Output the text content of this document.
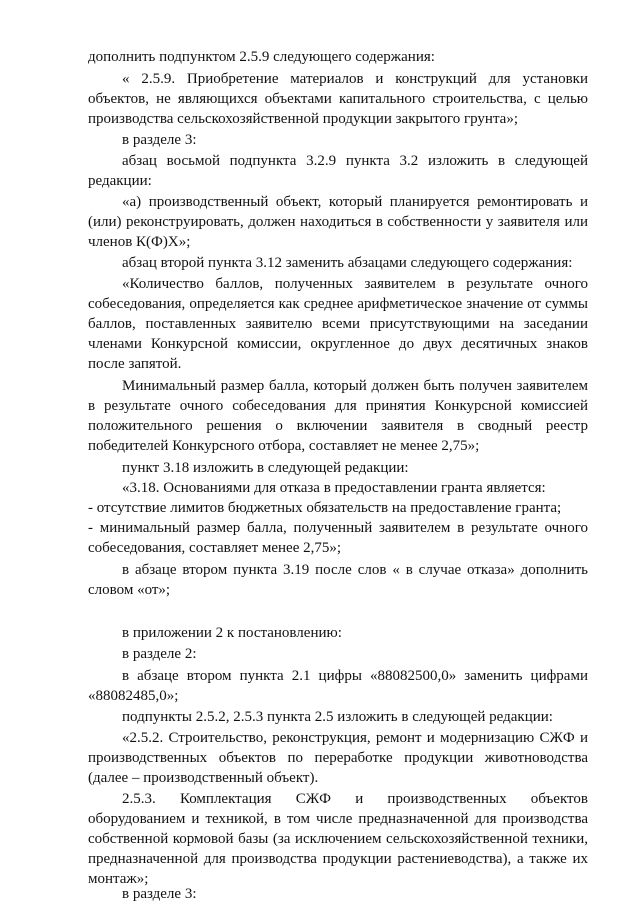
дополнить подпунктом 2.5.9 следующего содержания:
« 2.5.9. Приобретение материалов и конструкций для установки
объектов, не являющихся объектами капитального строительства, с целью
производства сельскохозяйственной продукции закрытого грунта»;
в разделе 3:
абзац восьмой подпункта 3.2.9 пункта 3.2 изложить в следующей
редакции:
«а) производственный объект, который планируется ремонтировать и
(или) реконструировать, должен находиться в собственности у заявителя или
членов К(Ф)Х»;
абзац второй пункта 3.12 заменить абзацами следующего содержания:
«Количество баллов, полученных заявителем в результате очного
собеседования, определяется как среднее арифметическое значение от суммы
баллов, поставленных заявителю всеми присутствующими на заседании
членами Конкурсной комиссии, округленное до двух десятичных знаков
после запятой.
Минимальный размер балла, который должен быть получен заявителем
в результате очного собеседования для принятия Конкурсной комиссией
положительного решения о включении заявителя в сводный реестр
победителей Конкурсного отбора, составляет не менее 2,75»;
пункт 3.18 изложить в следующей редакции:
«3.18. Основаниями для отказа в предоставлении гранта является:
- отсутствие лимитов бюджетных обязательств на предоставление гранта;
- минимальный размер балла, полученный заявителем в результате очного
собеседования, составляет менее 2,75»;
в абзаце втором пункта 3.19 после слов « в случае отказа» дополнить
словом «от»;
в приложении 2 к постановлению:
в разделе 2:
в абзаце втором пункта 2.1 цифры «88082500,0» заменить цифрами
«88082485,0»;
подпункты 2.5.2, 2.5.3 пункта 2.5 изложить в следующей редакции:
«2.5.2. Строительство, реконструкция, ремонт и модернизацию СЖФ и
производственных объектов по переработке продукции животноводства
(далее – производственный объект).
2.5.3. Комплектация СЖФ и производственных объектов
оборудованием и техникой, в том числе предназначенной для производства
собственной кормовой базы (за исключением сельскохозяйственной техники,
предназначенной для производства продукции растениеводства), а также их
монтаж»;
в разделе 3:
